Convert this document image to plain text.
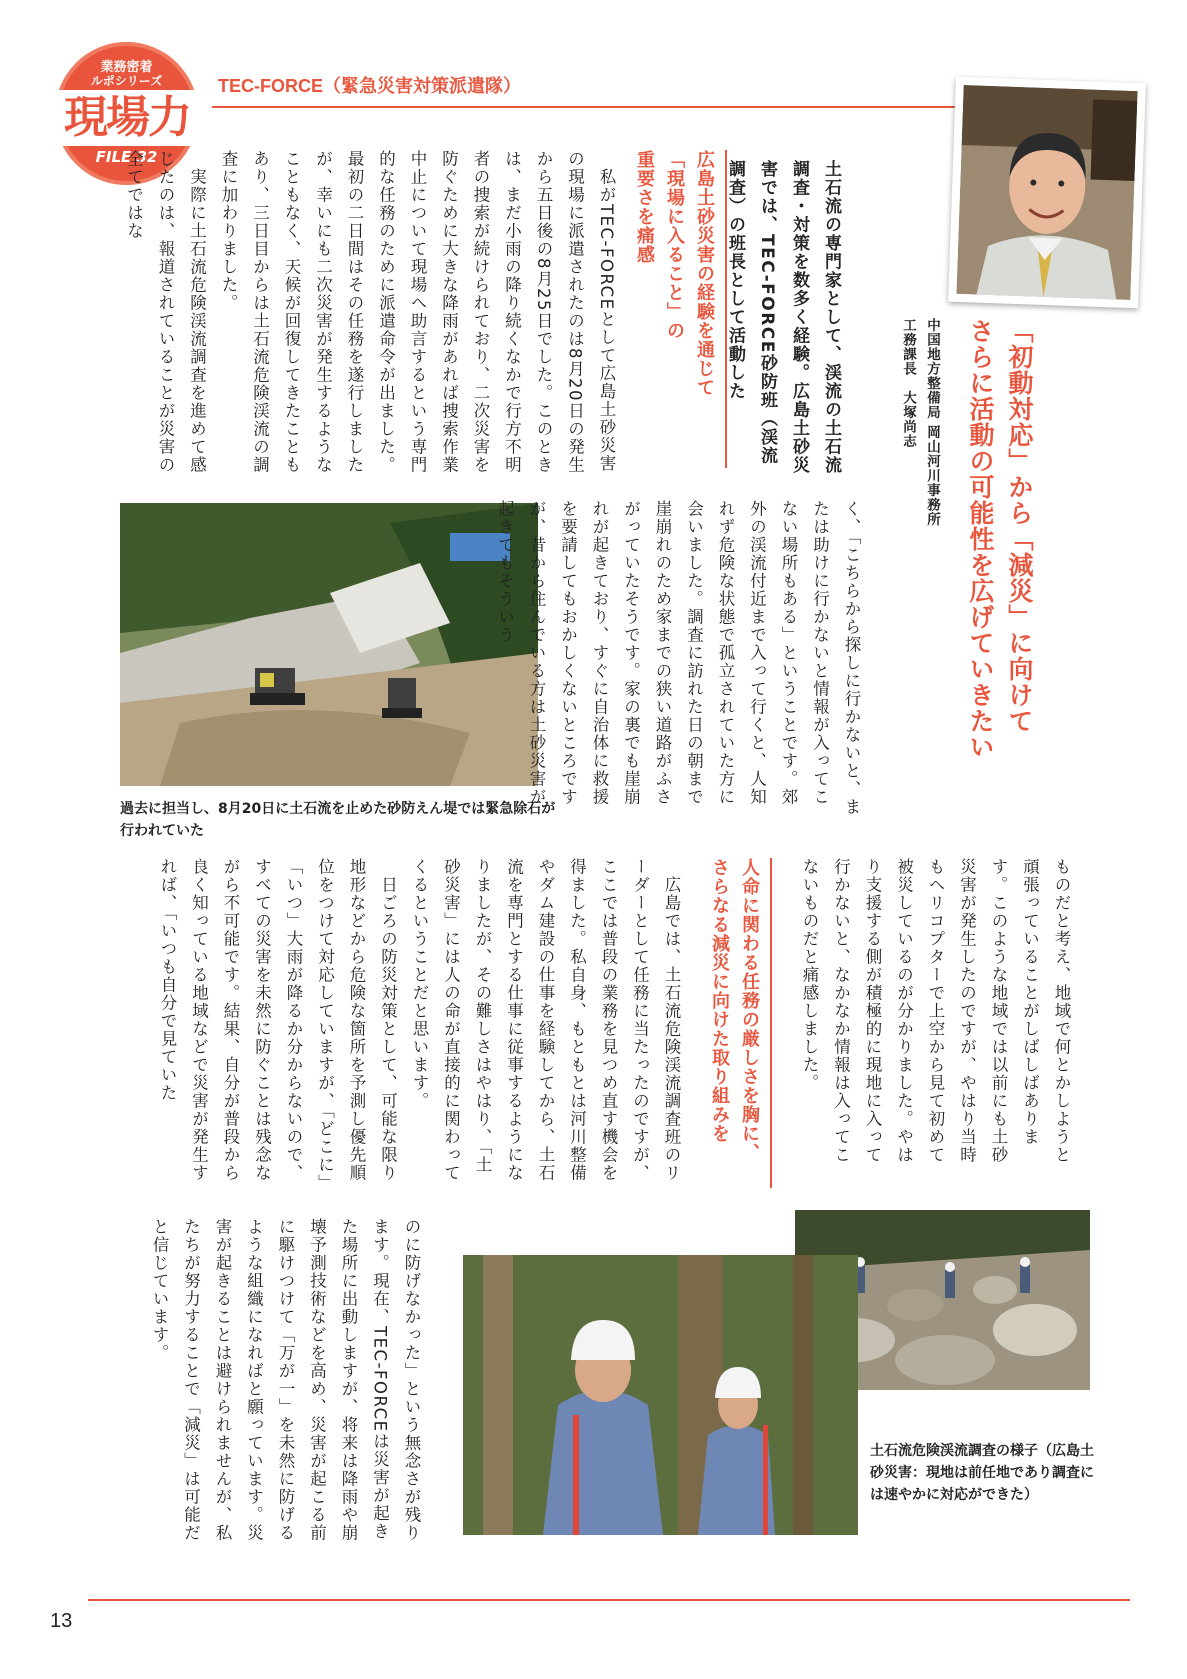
業務密着
ルポシリーズ
現場力
FILE 32
TEC-FORCE（緊急災害対策派遣隊）
「初動対応」から「減災」に向けて
さらに活動の可能性を広げていきたい
中国地方整備局 岡山河川事務所
工務課長　大塚尚志
土石流の専門家として、渓流の土石流調査・対策を数多く経験。広島土砂災害では、TEC-FORCE砂防班（渓流調査）の班長として活動した
広島土砂災害の経験を通じて
「現場に入ること」の
重要さを痛感
　私がTEC-FORCEとして広島土砂災害の現場に派遣されたのは8月20日の発生から五日後の8月25日でした。このときは、まだ小雨の降り続くなかで行方不明者の捜索が続けられており、二次災害を防ぐために大きな降雨があれば捜索作業中止について現場へ助言するという専門的な任務のために派遣命令が出ました。最初の二日間はその任務を遂行しましたが、幸いにも二次災害が発生するようなこともなく、天候が回復してきたこともあり、三日目からは土石流危険渓流の調査に加わりました。
　実際に土石流危険渓流調査を進めて感じたのは、報道されていることが災害の全てではな
過去に担当し、8月20日に土石流を止めた砂防えん堤では緊急除石が行われていた
く、「こちらから探しに行かないと、または助けに行かないと情報が入ってこない場所もある」ということです。郊外の渓流付近まで入って行くと、人知れず危険な状態で孤立されていた方に会いました。調査に訪れた日の朝まで崖崩れのため家までの狭い道路がふさがっていたそうです。家の裏でも崖崩れが起きており、すぐに自治体に救援を要請してもおかしくないところですが、昔から住んでいる方は土砂災害が起きてもそういう
ものだと考え、地域で何とかしようと頑張っていることがしばしばあります。このような地域では以前にも土砂災害が発生したのですが、やはり当時もヘリコプターで上空から見て初めて被災しているのが分かりました。やはり支援する側が積極的に現地に入って行かないと、なかなか情報は入ってこないものだと痛感しました。
人命に関わる任務の厳しさを胸に、
さらなる減災に向けた取り組みを
　広島では、土石流危険渓流調査班のリーダーとして任務に当たったのですが、ここでは普段の業務を見つめ直す機会を得ました。私自身、もともとは河川整備やダム建設の仕事を経験してから、土石流を専門とする仕事に従事するようになりましたが、その難しさはやはり、「土砂災害」には人の命が直接的に関わってくるということだと思います。
　日ごろの防災対策として、可能な限り地形などから危険な箇所を予測し優先順位をつけて対応していますが、「どこに」「いつ」大雨が降るか分からないので、すべての災害を未然に防ぐことは残念ながら不可能です。結果、自分が普段から良く知っている地域などで災害が発生すれば、「いつも自分で見ていた
土石流危険渓流調査の様子（広島土砂災害：現地は前任地であり調査には速やかに対応ができた）
のに防げなかった」という無念さが残ります。現在、TEC-FORCEは災害が起きた場所に出動しますが、将来は降雨や崩壊予測技術などを高め、災害が起こる前に駆けつけて「万が一」を未然に防げるような組織になればと願っています。災害が起きることは避けられませんが、私たちが努力することで「減災」は可能だと信じています。
13
